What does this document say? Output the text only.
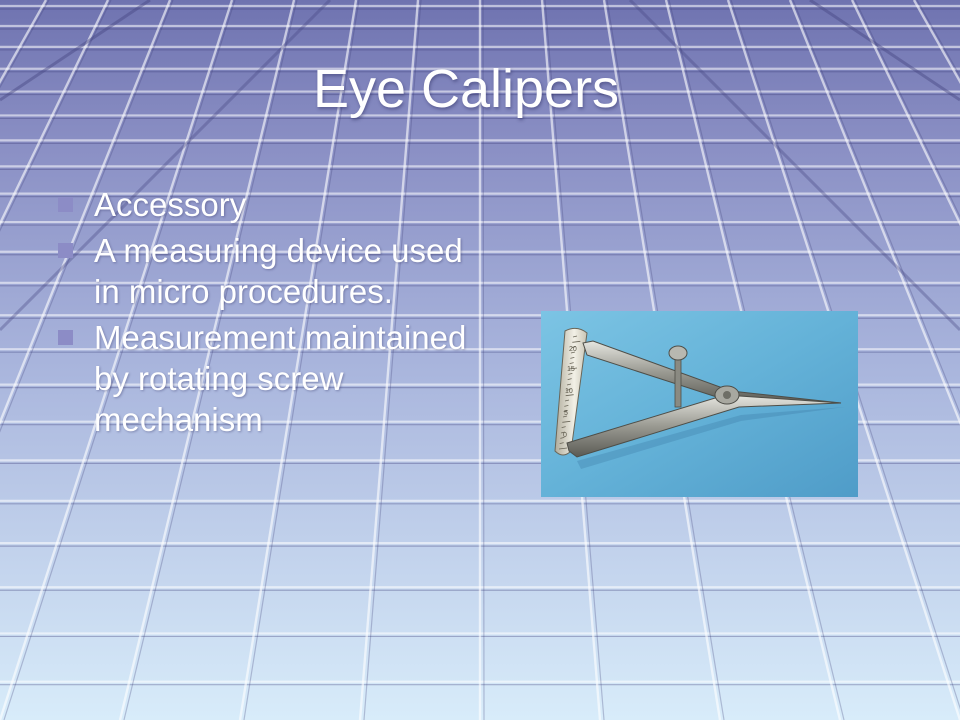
Eye Calipers
Accessory
A measuring device used in micro procedures.
Measurement maintained by rotating screw mechanism	0
5
10
15
20
